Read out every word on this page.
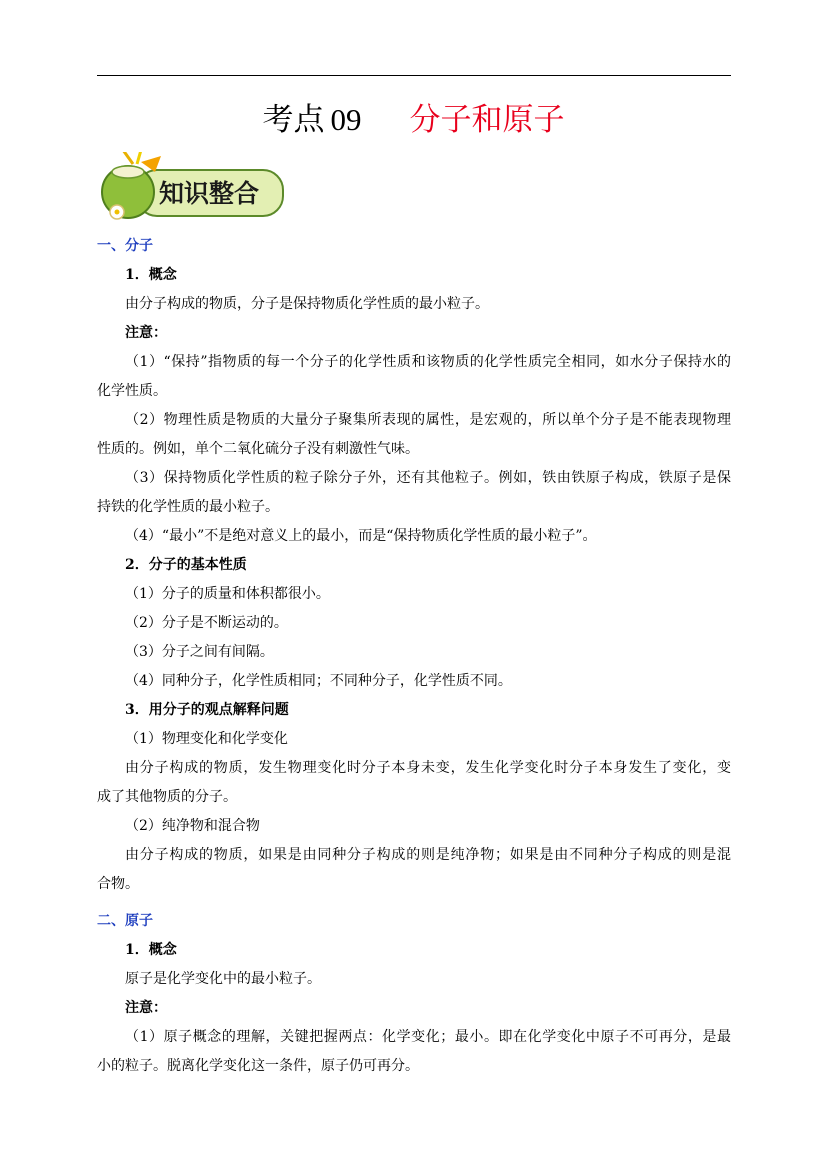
考点 09 分子和原子
知识整合
一、分子
1．概念
由分子构成的物质，分子是保持物质化学性质的最小粒子。
注意：
（1）“保持”指物质的每一个分子的化学性质和该物质的化学性质完全相同，如水分子保持水的
化学性质。
（2）物理性质是物质的大量分子聚集所表现的属性，是宏观的，所以单个分子是不能表现物理
性质的。例如，单个二氧化硫分子没有刺激性气味。
（3）保持物质化学性质的粒子除分子外，还有其他粒子。例如，铁由铁原子构成，铁原子是保
持铁的化学性质的最小粒子。
（4）“最小”不是绝对意义上的最小，而是“保持物质化学性质的最小粒子”。
2．分子的基本性质
（1）分子的质量和体积都很小。
（2）分子是不断运动的。
（3）分子之间有间隔。
（4）同种分子，化学性质相同；不同种分子，化学性质不同。
3．用分子的观点解释问题
（1）物理变化和化学变化
由分子构成的物质，发生物理变化时分子本身未变，发生化学变化时分子本身发生了变化，变
成了其他物质的分子。
（2）纯净物和混合物
由分子构成的物质，如果是由同种分子构成的则是纯净物；如果是由不同种分子构成的则是混
合物。
二、原子
1．概念
原子是化学变化中的最小粒子。
注意：
（1）原子概念的理解，关键把握两点：化学变化；最小。即在化学变化中原子不可再分，是最
小的粒子。脱离化学变化这一条件，原子仍可再分。
